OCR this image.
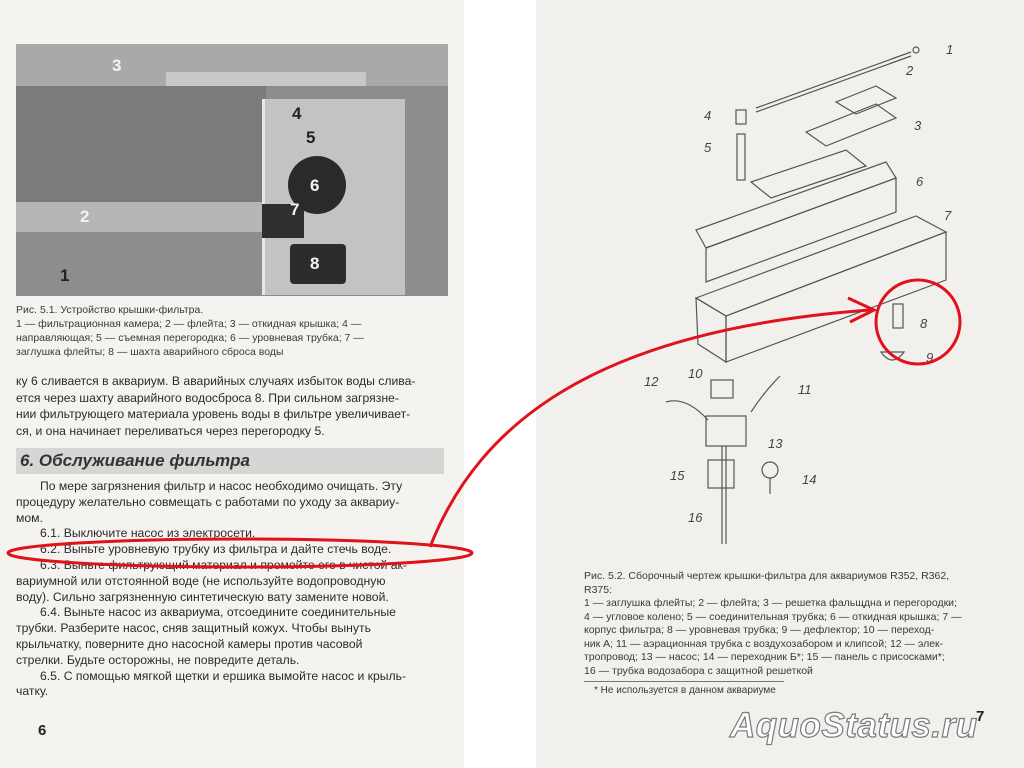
3
4
5
6
2	7
8
1
Рис. 5.1. Устройство крышки-фильтра.
1 — фильтрационная камера; 2 — флейта; 3 — откидная крышка; 4 —
направляющая; 5 — съемная перегородка; 6 — уровневая трубка; 7 —
заглушка флейты; 8 — шахта аварийного сброса воды
ку 6 сливается в аквариум. В аварийных случаях избыток воды слива-
ется через шахту аварийного водосброса 8. При сильном загрязне-
нии фильтрующего материала уровень воды в фильтре увеличивает-
ся, и она начинает переливаться через перегородку 5.
6. Обслуживание фильтра
По мере загрязнения фильтр и насос необходимо очищать. Эту
процедуру желательно совмещать с работами по уходу за аквариу-
мом.
6.1. Выключите насос из электросети.
6.2. Выньте уровневую трубку из фильтра и дайте стечь воде.
6.3. Выньте фильтрующий материал и промойте его в чистой ак-
вариумной или отстоянной воде (не используйте водопроводную
воду). Сильно загрязненную синтетическую вату замените новой.
6.4. Выньте насос из аквариума, отсоедините соединительные
трубки. Разберите насос, сняв защитный кожух. Чтобы вынуть
крыльчатку, поверните дно насосной камеры против часовой
стрелки. Будьте осторожны, не повредите деталь.
6.5. С помощью мягкой щетки и ершика вымойте насос и крыль-
чатку.
6
1
2
3
4
5
6
7
8
9
10
11
12
13
14
15
16
Рис. 5.2. Сборочный чертеж крышки-фильтра для аквариумов R352, R362,
R375:
1 — заглушка флейты; 2 — флейта; 3 — решетка фальщдна и перегородки;
4 — угловое колено; 5 — соединительная трубка; 6 — откидная крышка; 7 —
корпус фильтра; 8 — уровневая трубка; 9 — дефлектор; 10 — переход-
ник А; 11 — аэрационная трубка с воздухозабором и клипсой; 12 — элек-
тропровод; 13 — насос; 14 — переходник Б*; 15 — панель с присосками*;
16 — трубка водозабора с защитной решеткой
* Не используется в данном аквариуме
7
AquoStatus.ru
